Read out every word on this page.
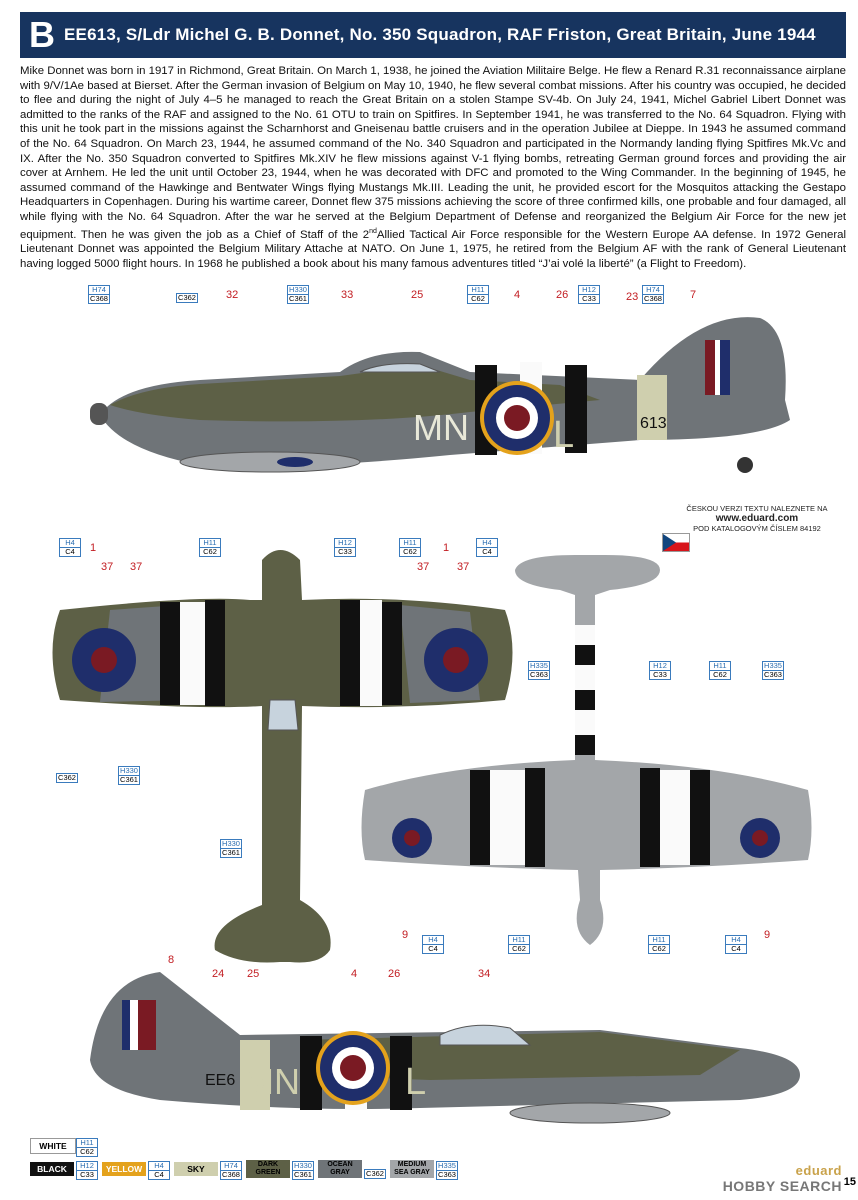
B EE613, S/Ldr Michel G. B. Donnet, No. 350 Squadron, RAF Friston, Great Britain, June 1944
Mike Donnet was born in 1917 in Richmond, Great Britain. On March 1, 1938, he joined the Aviation Militaire Belge. He flew a Renard R.31 reconnaissance airplane with 9/V/1Ae based at Bierset. After the German invasion of Belgium on May 10, 1940, he flew several combat missions. After his country was occupied, he decided to flee and during the night of July 4–5 he managed to reach the Great Britain on a stolen Stampe SV-4b. On July 24, 1941, Michel Gabriel Libert Donnet was admitted to the ranks of the RAF and assigned to the No. 61 OTU to train on Spitfires. In September 1941, he was transferred to the No. 64 Squadron. Flying with this unit he took part in the missions against the Scharnhorst and Gneisenau battle cruisers and in the operation Jubilee at Dieppe. In 1943 he assumed command of the No. 64 Squadron. On March 23, 1944, he assumed command of the No. 340 Squadron and participated in the Normandy landing flying Spitfires Mk.Vc and IX. After the No. 350 Squadron converted to Spitfires Mk.XIV he flew missions against V-1 flying bombs, retreating German ground forces and providing the air cover at Arnhem. He led the unit until October 23, 1944, when he was decorated with DFC and promoted to the Wing Commander. In the beginning of 1945, he assumed command of the Hawkinge and Bentwater Wings flying Mustangs Mk.III. Leading the unit, he provided escort for the Mosquitos attacking the Gestapo Headquarters in Copenhagen. During his wartime career, Donnet flew 375 missions achieving the score of three confirmed kills, one probable and four damaged, all while flying with the No. 64 Squadron. After the war he served at the Belgium Department of Defense and reorganized the Belgium Air Force for the new jet equipment. Then he was given the job as a Chief of Staff of the 2ndAllied Tactical Air Force responsible for the Western Europe AA defense. In 1972 General Lieutenant Donnet was appointed the Belgium Military Attache at NATO. On June 1, 1975, he retired from the Belgium AF with the rank of General Lieutenant having logged 5000 flight hours. In 1968 he published a book about his many famous adventures titled “J’ai volé la liberté” (a Flight to Freedom).
MN L	613
EE6 MN	L
32	33	25	4	26	23	7
1
37 37
1
37	37
9	9
8
24 25	4	26	34
H74
C368	C362
H330
C361
H11
C62
H12
C33
H74
C368
H4
C4
H11
C62
H12
C33
H11
C62
H4
C4
C362
H330
C361
H330
C361
H335
C363
H12
C33
H11
C62
H335
C363
H4
C4
H11
C62
H11
C62
H4
C4
ČESKOU VERZI TEXTU NALEZNETE NA
www.eduard.com
POD KATALOGOVÝM ČÍSLEM 84192
WHITE	H11
C62
BLACK	H12
C33
YELLOW	H4
C4
SKY	H74
C368
DARK GREEN
H330
C361
OCEAN GRAY	C362
MEDIUM SEA GRAY
H335
C363	eduard
HOBBY SEARCH 15
